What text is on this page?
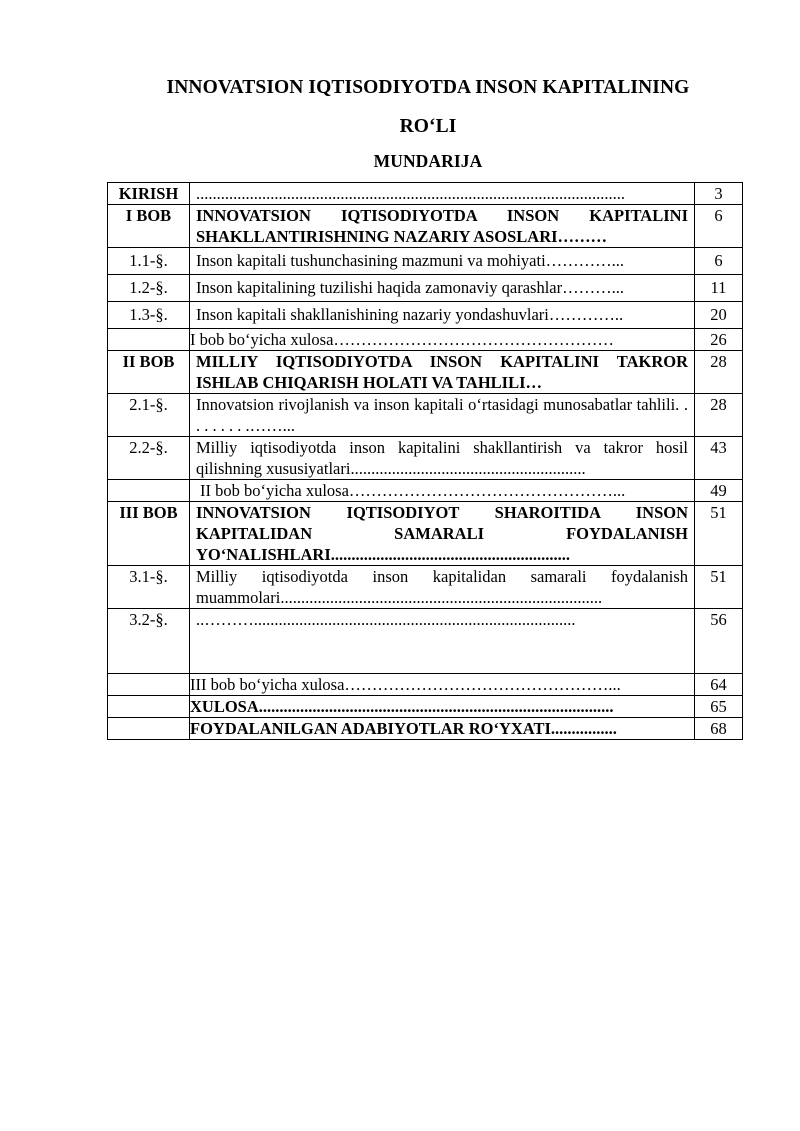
INNOVATSION IQTISODIYOTDA INSON KAPITALINING
RO‘LI
MUNDARIJA
KIRISH	........................................................................................................	3
I BOB	INNOVATSION IQTISODIYOTDA INSON KAPITALINI SHAKLLANTIRISHNING NAZARIY ASOSLARI………	6
1.1-§.	Inson kapitali tushunchasining mazmuni va mohiyati…………...	6
1.2-§.	Inson kapitalining tuzilishi haqida zamonaviy qarashlar………...	11
1.3-§.	Inson kapitali shakllanishining nazariy yondashuvlari…………..	20
	I bob bo‘yicha xulosa……………………………………………	26
II BOB	MILLIY IQTISODIYOTDA INSON KAPITALINI TAKROR ISHLAB CHIQARISH HOLATI VA TAHLILI…	28
2.1-§.	Innovatsion rivojlanish va inson kapitali o‘rtasidagi munosabatlar tahlili. . . . . . . . .……...	28
2.2-§.	Milliy iqtisodiyotda inson kapitalini shakllantirish va takror hosil qilishning xususiyatlari.........................................................	43
	II bob bo‘yicha xulosa…………………………………………...	49
III BOB	INNOVATSION IQTISODIYOT SHAROITIDA INSON KAPITALIDAN SAMARALI FOYDALANISH YO‘NALISHLARI..........................................................	51
3.1-§.	Milliy iqtisodiyotda inson kapitalidan samarali foydalanish muammolari..............................................................................	51
3.2-§.	..………..............................................................................	56
	III bob bo‘yicha xulosa…………………………………………...	64
	XULOSA......................................................................................	65
	FOYDALANILGAN ADABIYOTLAR RO‘YXATI................	68
